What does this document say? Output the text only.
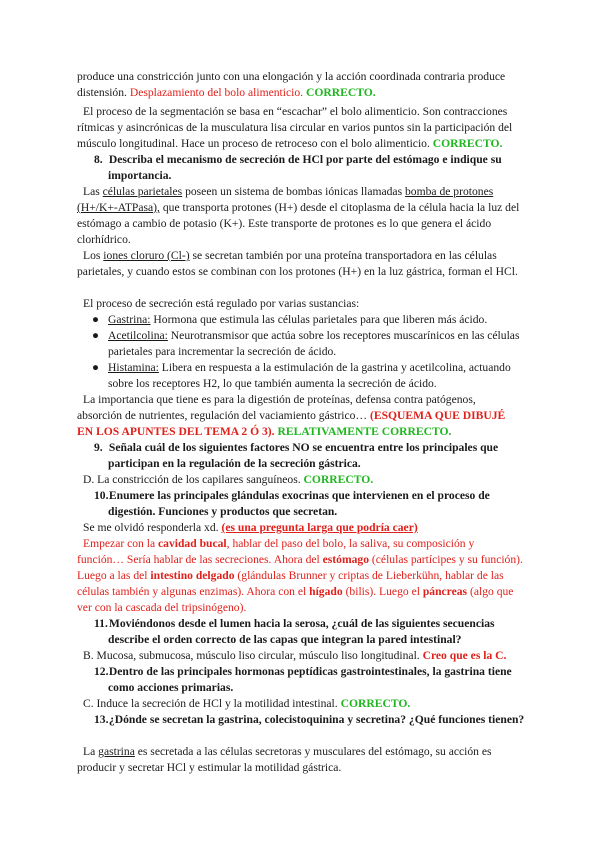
produce una constricción junto con una elongación y la acción coordinada contraria produce
distensión. Desplazamiento del bolo alimenticio. CORRECTO.

El proceso de la segmentación se basa en “escachar” el bolo alimenticio. Son contracciones rítmicas y asincrónicas de la musculatura lisa circular en varios puntos sin la participación del músculo longitudinal. Hace un proceso de retroceso con el bolo alimenticio. CORRECTO.

8. Describa el mecanismo de secreción de HCl por parte del estómago e indique su importancia.

Las células parietales poseen un sistema de bombas iónicas llamadas bomba de protones (H+/K+-ATPasa), que transporta protones (H+) desde el citoplasma de la célula hacia la luz del estómago a cambio de potasio (K+). Este transporte de protones es lo que genera el ácido clorhídrico.

Los iones cloruro (Cl-) se secretan también por una proteína transportadora en las células parietales, y cuando estos se combinan con los protones (H+) en la luz gástrica, forman el HCl.

El proceso de secreción está regulado por varias sustancias:

● Gastrina: Hormona que estimula las células parietales para que liberen más ácido.

● Acetilcolina: Neurotransmisor que actúa sobre los receptores muscarínicos en las células parietales para incrementar la secreción de ácido.

● Histamina: Libera en respuesta a la estimulación de la gastrina y acetilcolina, actuando sobre los receptores H2, lo que también aumenta la secreción de ácido.

La importancia que tiene es para la digestión de proteínas, defensa contra patógenos, absorción de nutrientes, regulación del vaciamiento gástrico… (ESQUEMA QUE DIBUJÉ EN LOS APUNTES DEL TEMA 2 Ó 3). RELATIVAMENTE CORRECTO.

9. Señala cuál de los siguientes factores NO se encuentra entre los principales que participan en la regulación de la secreción gástrica.

D. La constricción de los capilares sanguíneos. CORRECTO.

10. Enumere las principales glándulas exocrinas que intervienen en el proceso de digestión. Funciones y productos que secretan.

Se me olvidó responderla xd. (es una pregunta larga que podría caer)

Empezar con la cavidad bucal, hablar del paso del bolo, la saliva, su composición y función… Sería hablar de las secreciones. Ahora del estómago (células partícipes y su función). Luego a las del intestino delgado (glándulas Brunner y criptas de Lieberkühn, hablar de las células también y algunas enzimas). Ahora con el hígado (bilis). Luego el páncreas (algo que ver con la cascada del tripsinógeno).

11. Moviéndonos desde el lumen hacia la serosa, ¿cuál de las siguientes secuencias describe el orden correcto de las capas que integran la pared intestinal?

B. Mucosa, submucosa, músculo liso circular, músculo liso longitudinal. Creo que es la C.

12. Dentro de las principales hormonas peptídicas gastrointestinales, la gastrina tiene como acciones primarias.

C. Induce la secreción de HCl y la motilidad intestinal. CORRECTO.

13. ¿Dónde se secretan la gastrina, colecistoquinina y secretina? ¿Qué funciones tienen?

La gastrina es secretada a las células secretoras y musculares del estómago, su acción es producir y secretar HCl y estimular la motilidad gástrica.
